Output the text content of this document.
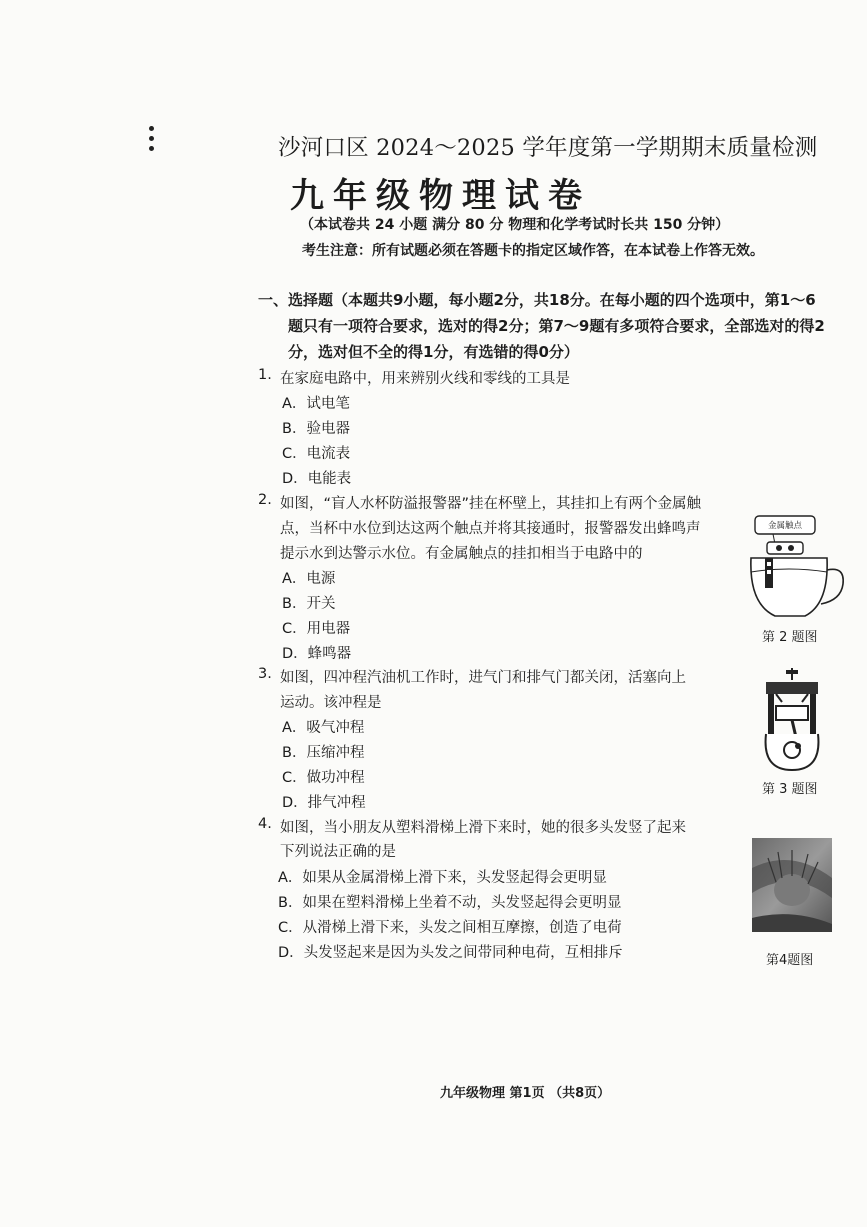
沙河口区 2024～2025 学年度第一学期期末质量检测
九年级物理试卷
（本试卷共 24 小题 满分 80 分 物理和化学考试时长共 150 分钟）
考生注意：所有试题必须在答题卡的指定区域作答，在本试卷上作答无效。
一、选择题（本题共9小题，每小题2分，共18分。在每小题的四个选项中，第1～6
题只有一项符合要求，选对的得2分；第7～9题有多项符合要求，全部选对的得2
分，选对但不全的得1分，有选错的得0分）
1. 在家庭电路中，用来辨别火线和零线的工具是
A．试电笔
B．验电器
C．电流表
D．电能表
2. 如图，“盲人水杯防溢报警器”挂在杯壁上，其挂扣上有两个金属触
点，当杯中水位到达这两个触点并将其接通时，报警器发出蜂鸣声
提示水到达警示水位。有金属触点的挂扣相当于电路中的
A．电源
B．开关
C．用电器
D．蜂鸣器
金属触点
第 2 题图
3. 如图，四冲程汽油机工作时，进气门和排气门都关闭，活塞向上
运动。该冲程是
A．吸气冲程
B．压缩冲程
C．做功冲程
D．排气冲程
第 3 题图
4. 如图，当小朋友从塑料滑梯上滑下来时，她的很多头发竖了起来
下列说法正确的是
A．如果从金属滑梯上滑下来，头发竖起得会更明显
B．如果在塑料滑梯上坐着不动，头发竖起得会更明显
C．从滑梯上滑下来，头发之间相互摩擦，创造了电荷
D．头发竖起来是因为头发之间带同种电荷，互相排斥	第4题图
九年级物理 第1页 （共8页）
